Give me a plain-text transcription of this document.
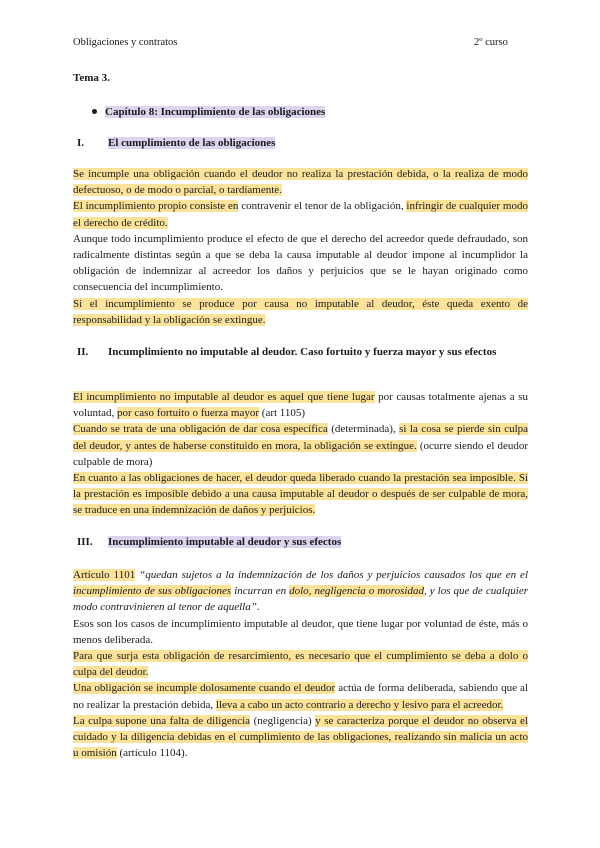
Obligaciones y contratos	2º curso
Tema 3.
Capítulo 8: Incumplimiento de las obligaciones
I. El cumplimiento de las obligaciones

Se incumple una obligación cuando el deudor no realiza la prestación debida, o la realiza de modo defectuoso, o de modo o parcial, o tardíamente.

El incumplimiento propio consiste en contravenir el tenor de la obligación, infringir de cualquier modo el derecho de crédito.

Aunque todo incumplimiento produce el efecto de que el derecho del acreedor quede defraudado, son radicalmente distintas según a que se deba la causa imputable al deudor impone al incumplidor la obligación de indemnizar al acreedor los daños y perjuicios que se le hayan originado como consecuencia del incumplimiento.

Si el incumplimiento se produce por causa no imputable al deudor, éste queda exento de responsabilidad y la obligación se extingue.

II. Incumplimiento no imputable al deudor. Caso fortuito y fuerza mayor y sus efectos

El incumplimiento no imputable al deudor es aquel que tiene lugar por causas totalmente ajenas a su voluntad, por caso fortuito o fuerza mayor (art 1105)

Cuando se trata de una obligación de dar cosa específica (determinada), si la cosa se pierde sin culpa del deudor, y antes de haberse constituido en mora, la obligación se extingue. (ocurre siendo el deudor culpable de mora)

En cuanto a las obligaciones de hacer, el deudor queda liberado cuando la prestación sea imposible. Si la prestación es imposible debido a una causa imputable al deudor o después de ser culpable de mora, se traduce en una indemnización de daños y perjuicios.

III. Incumplimiento imputable al deudor y sus efectos

Artículo 1101 “quedan sujetos a la indemnización de los daños y perjuicios causados los que en el incumplimiento de sus obligaciones incurran en dolo, negligencia o morosidad, y los que de cualquier modo contravinieren al tenor de aquella”.

Esos son los casos de incumplimiento imputable al deudor, que tiene lugar por voluntad de éste, más o menos deliberada.

Para que surja esta obligación de resarcimiento, es necesario que el cumplimiento se deba a dolo o culpa del deudor.

Una obligación se incumple dolosamente cuando el deudor actúa de forma deliberada, sabiendo que al no realizar la prestación debida, lleva a cabo un acto contrario a derecho y lesivo para el acreedor.

La culpa supone una falta de diligencia (negligencia) y se caracteriza porque el deudor no observa el cuidado y la diligencia debidas en el cumplimiento de las obligaciones, realizando sin malicia un acto u omisión (artículo 1104).
